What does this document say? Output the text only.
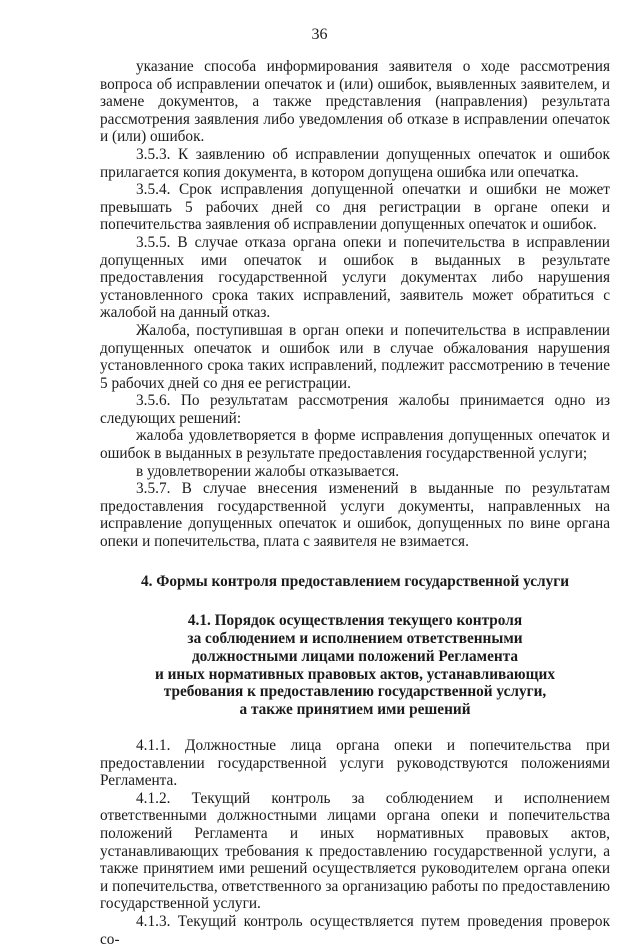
36

указание способа информирования заявителя о ходе рассмотрения вопроса об исправлении опечаток и (или) ошибок, выявленных заявителем, и замене документов, а также представления (направления) результата рассмотрения заявления либо уведомления об отказе в исправлении опечаток и (или) ошибок.

3.5.3. К заявлению об исправлении допущенных опечаток и ошибок прилагается копия документа, в котором допущена ошибка или опечатка.

3.5.4. Срок исправления допущенной опечатки и ошибки не может превышать 5 рабочих дней со дня регистрации в органе опеки и попечительства заявления об исправлении допущенных опечаток и ошибок.

3.5.5. В случае отказа органа опеки и попечительства в исправлении допущенных ими опечаток и ошибок в выданных в результате предоставления государственной услуги документах либо нарушения установленного срока таких исправлений, заявитель может обратиться с жалобой на данный отказ.

Жалоба, поступившая в орган опеки и попечительства в исправлении допущенных опечаток и ошибок или в случае обжалования нарушения установленного срока таких исправлений, подлежит рассмотрению в течение 5 рабочих дней со дня ее регистрации.

3.5.6. По результатам рассмотрения жалобы принимается одно из следующих решений:

жалоба удовлетворяется в форме исправления допущенных опечаток и ошибок в выданных в результате предоставления государственной услуги;

в удовлетворении жалобы отказывается.

3.5.7. В случае внесения изменений в выданные по результатам предоставления государственной услуги документы, направленных на исправление допущенных опечаток и ошибок, допущенных по вине органа опеки и попечительства, плата с заявителя не взимается.

4. Формы контроля предоставлением государственной услуги
4.1. Порядок осуществления текущего контроля
за соблюдением и исполнением ответственными
должностными лицами положений Регламента
и иных нормативных правовых актов, устанавливающих
требования к предоставлению государственной услуги,
а также принятием ими решений

4.1.1. Должностные лица органа опеки и попечительства при предоставлении государственной услуги руководствуются положениями Регламента.

4.1.2. Текущий контроль за соблюдением и исполнением ответственными должностными лицами органа опеки и попечительства положений Регламента и иных нормативных правовых актов, устанавливающих требования к предоставлению государственной услуги, а также принятием ими решений осуществляется руководителем органа опеки и попечительства, ответственного за организацию работы по предоставлению государственной услуги.

4.1.3. Текущий контроль осуществляется путем проведения проверок со-
